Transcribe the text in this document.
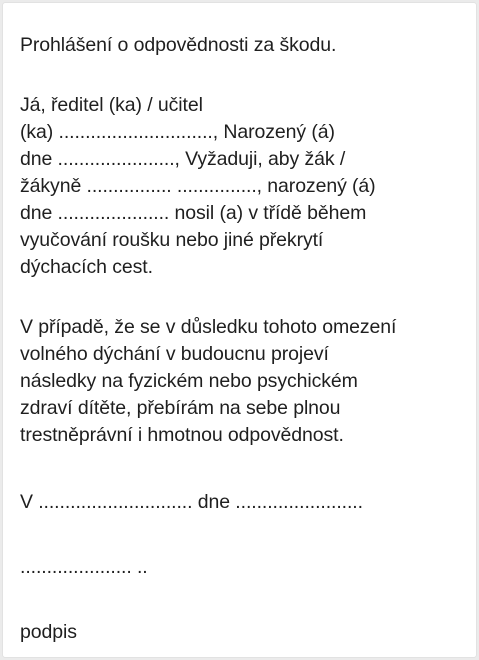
Prohlášení o odpovědnosti za škodu.
Já, ředitel (ka) / učitel
(ka) ............................., Narozený (á)
dne ......................, Vyžaduji, aby žák /
žákyně ................ ..............., narozený (á)
dne ..................... nosil (a) v třídě během
vyučování roušku nebo jiné překrytí
dýchacích cest.
V případě, že se v důsledku tohoto omezení
volného dýchání v budoucnu projeví
následky na fyzickém nebo psychickém
zdraví dítěte, přebírám na sebe plnou
trestněprávní i hmotnou odpovědnost.
V ............................. dne ........................
..................... ..
podpis
